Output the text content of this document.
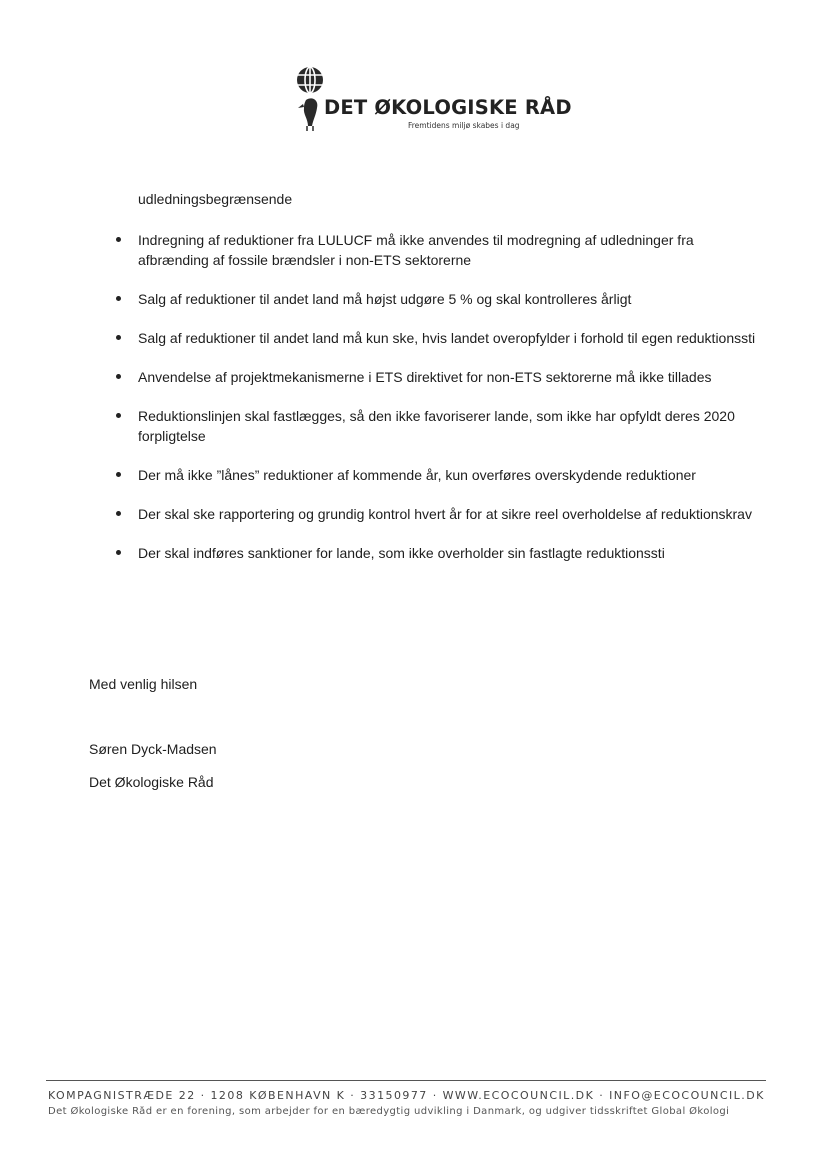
DET ØKOLOGISKE RÅD
Fremtidens miljø skabes i dag
udledningsbegrænsende
Indregning af reduktioner fra LULUCF må ikke anvendes til modregning af udledninger fra afbrænding af fossile brændsler i non-ETS sektorerne
Salg af reduktioner til andet land må højst udgøre 5 % og skal kontrolleres årligt
Salg af reduktioner til andet land må kun ske, hvis landet overopfylder i forhold til egen reduktionssti
Anvendelse af projektmekanismerne i ETS direktivet for non-ETS sektorerne må ikke tillades
Reduktionslinjen skal fastlægges, så den ikke favoriserer lande, som ikke har opfyldt deres 2020 forpligtelse
Der må ikke ”lånes” reduktioner af kommende år, kun overføres overskydende reduktioner
Der skal ske rapportering og grundig kontrol hvert år for at sikre reel overholdelse af reduktionskrav
Der skal indføres sanktioner for lande, som ikke overholder sin fastlagte reduktionssti
Med venlig hilsen
Søren Dyck-Madsen
Det Økologiske Råd
KOMPAGNISTRÆDE 22 · 1208 KØBENHAVN K · 33150977 · WWW.ECOCOUNCIL.DK · INFO@ECOCOUNCIL.DK
Det Økologiske Råd er en forening, som arbejder for en bæredygtig udvikling i Danmark, og udgiver tidsskriftet Global Økologi
